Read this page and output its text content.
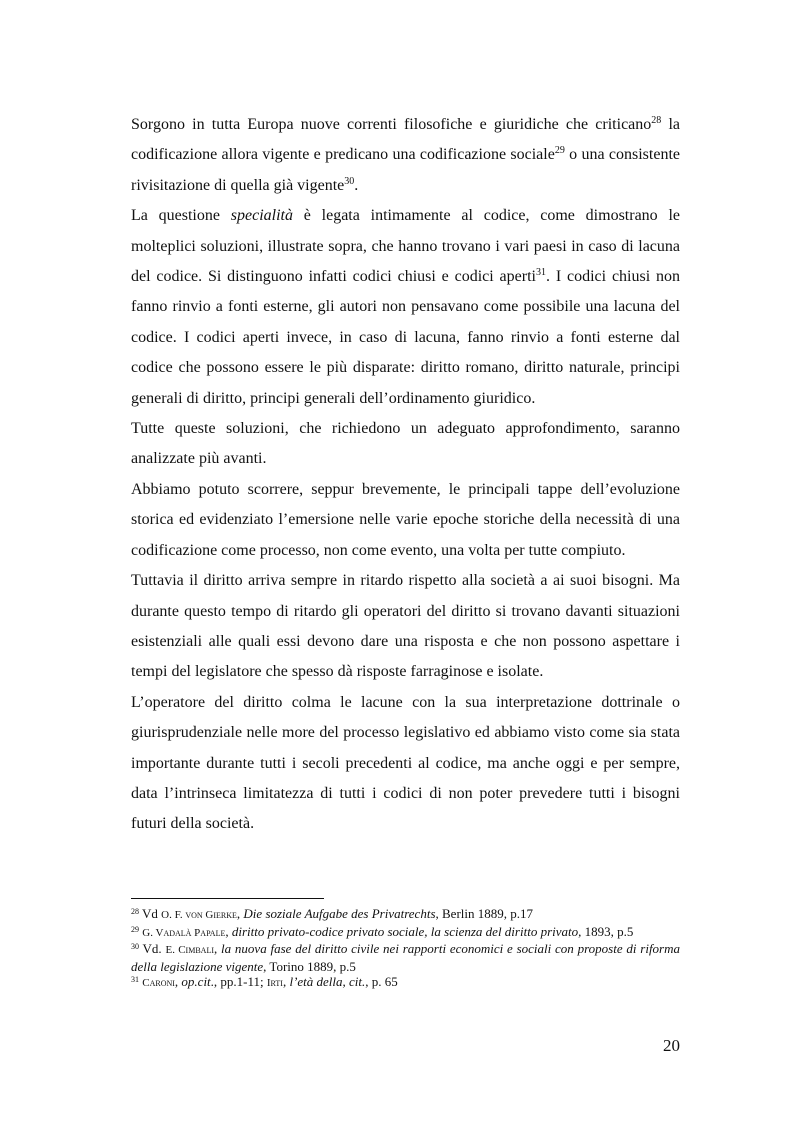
Sorgono in tutta Europa nuove correnti filosofiche e giuridiche che criticano$^{28}$ la codificazione allora vigente e predicano una codificazione sociale$^{29}$ o una consistente rivisitazione di quella già vigente$^{30}$.

La questione specialità è legata intimamente al codice, come dimostrano le molteplici soluzioni, illustrate sopra, che hanno trovano i vari paesi in caso di lacuna del codice. Si distinguono infatti codici chiusi e codici aperti$^{31}$. I codici chiusi non fanno rinvio a fonti esterne, gli autori non pensavano come possibile una lacuna del codice. I codici aperti invece, in caso di lacuna, fanno rinvio a fonti esterne dal codice che possono essere le più disparate: diritto romano, diritto naturale, principi generali di diritto, principi generali dell’ordinamento giuridico.

Tutte queste soluzioni, che richiedono un adeguato approfondimento, saranno analizzate più avanti.

Abbiamo potuto scorrere, seppur brevemente, le principali tappe dell’evoluzione storica ed evidenziato l’emersione nelle varie epoche storiche della necessità di una codificazione come processo, non come evento, una volta per tutte compiuto.

Tuttavia il diritto arriva sempre in ritardo rispetto alla società a ai suoi bisogni. Ma durante questo tempo di ritardo gli operatori del diritto si trovano davanti situazioni esistenziali alle quali essi devono dare una risposta e che non possono aspettare i tempi del legislatore che spesso dà risposte farraginose e isolate.

L’operatore del diritto colma le lacune con la sua interpretazione dottrinale o giurisprudenziale nelle more del processo legislativo ed abbiamo visto come sia stata importante durante tutti i secoli precedenti al codice, ma anche oggi e per sempre, data l’intrinseca limitatezza di tutti i codici di non poter prevedere tutti i bisogni futuri della società.

$^{28}$ Vd O. F. von Gierke, Die soziale Aufgabe des Privatrechts, Berlin 1889, p.17

$^{29}$ G. Vadalà Papale, diritto privato-codice privato sociale, la scienza del diritto privato, 1893, p.5

$^{30}$ Vd. E. Cimbali, la nuova fase del diritto civile nei rapporti economici e sociali con proposte di riforma della legislazione vigente, Torino 1889, p.5

$^{31}$ Caroni, op.cit., pp.1-11; Irti, l’età della, cit., p. 65

20
